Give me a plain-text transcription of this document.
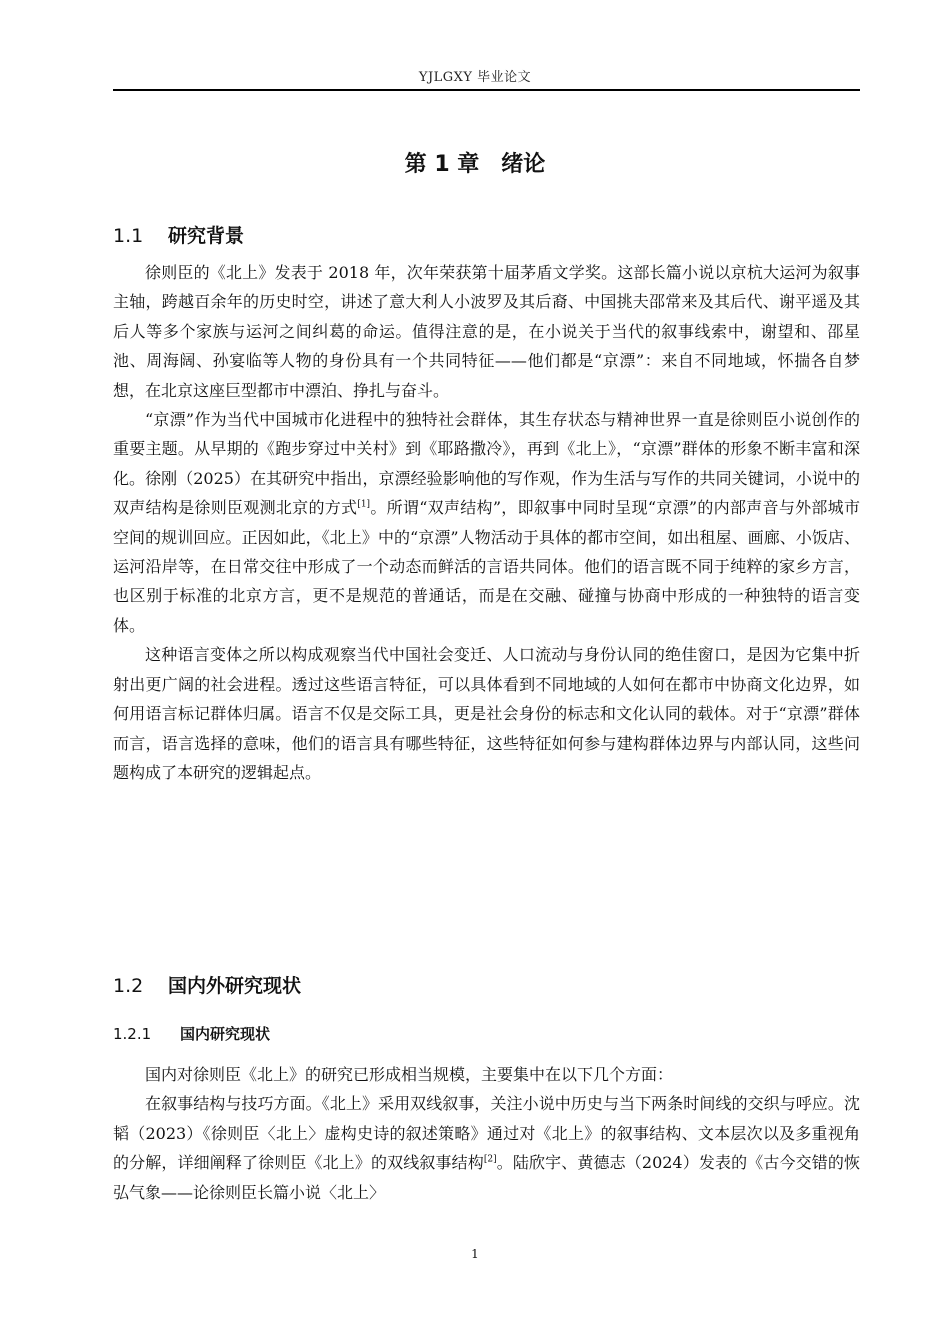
YJLGXY 毕业论文
第 1 章　绪论
1.1 研究背景

徐则臣的《北上》发表于 2018 年，次年荣获第十届茅盾文学奖。这部长篇小说以京杭大运河为叙事主轴，跨越百余年的历史时空，讲述了意大利人小波罗及其后裔、中国挑夫邵常来及其后代、谢平遥及其后人等多个家族与运河之间纠葛的命运。值得注意的是，在小说关于当代的叙事线索中，谢望和、邵星池、周海阔、孙宴临等人物的身份具有一个共同特征——他们都是“京漂”：来自不同地域，怀揣各自梦想，在北京这座巨型都市中漂泊、挣扎与奋斗。

“京漂”作为当代中国城市化进程中的独特社会群体，其生存状态与精神世界一直是徐则臣小说创作的重要主题。从早期的《跑步穿过中关村》到《耶路撒冷》，再到《北上》，“京漂”群体的形象不断丰富和深化。徐刚（2025）在其研究中指出，京漂经验影响他的写作观，作为生活与写作的共同关键词，小说中的双声结构是徐则臣观测北京的方式[1]。所谓“双声结构”，即叙事中同时呈现“京漂”的内部声音与外部城市空间的规训回应。正因如此，《北上》中的“京漂”人物活动于具体的都市空间，如出租屋、画廊、小饭店、运河沿岸等，在日常交往中形成了一个动态而鲜活的言语共同体。他们的语言既不同于纯粹的家乡方言，也区别于标准的北京方言，更不是规范的普通话，而是在交融、碰撞与协商中形成的一种独特的语言变体。

这种语言变体之所以构成观察当代中国社会变迁、人口流动与身份认同的绝佳窗口，是因为它集中折射出更广阔的社会进程。透过这些语言特征，可以具体看到不同地域的人如何在都市中协商文化边界，如何用语言标记群体归属。语言不仅是交际工具，更是社会身份的标志和文化认同的载体。对于“京漂”群体而言，语言选择的意味，他们的语言具有哪些特征，这些特征如何参与建构群体边界与内部认同，这些问题构成了本研究的逻辑起点。

1.2 国内外研究现状
1.2.1 国内研究现状

国内对徐则臣《北上》的研究已形成相当规模，主要集中在以下几个方面：

在叙事结构与技巧方面。《北上》采用双线叙事，关注小说中历史与当下两条时间线的交织与呼应。沈韬（2023）《徐则臣〈北上〉虚构史诗的叙述策略》通过对《北上》的叙事结构、文本层次以及多重视角的分解，详细阐释了徐则臣《北上》的双线叙事结构[2]。陆欣宇、黄德志（2024）发表的《古今交错的恢弘气象——论徐则臣长篇小说〈北上〉

1
